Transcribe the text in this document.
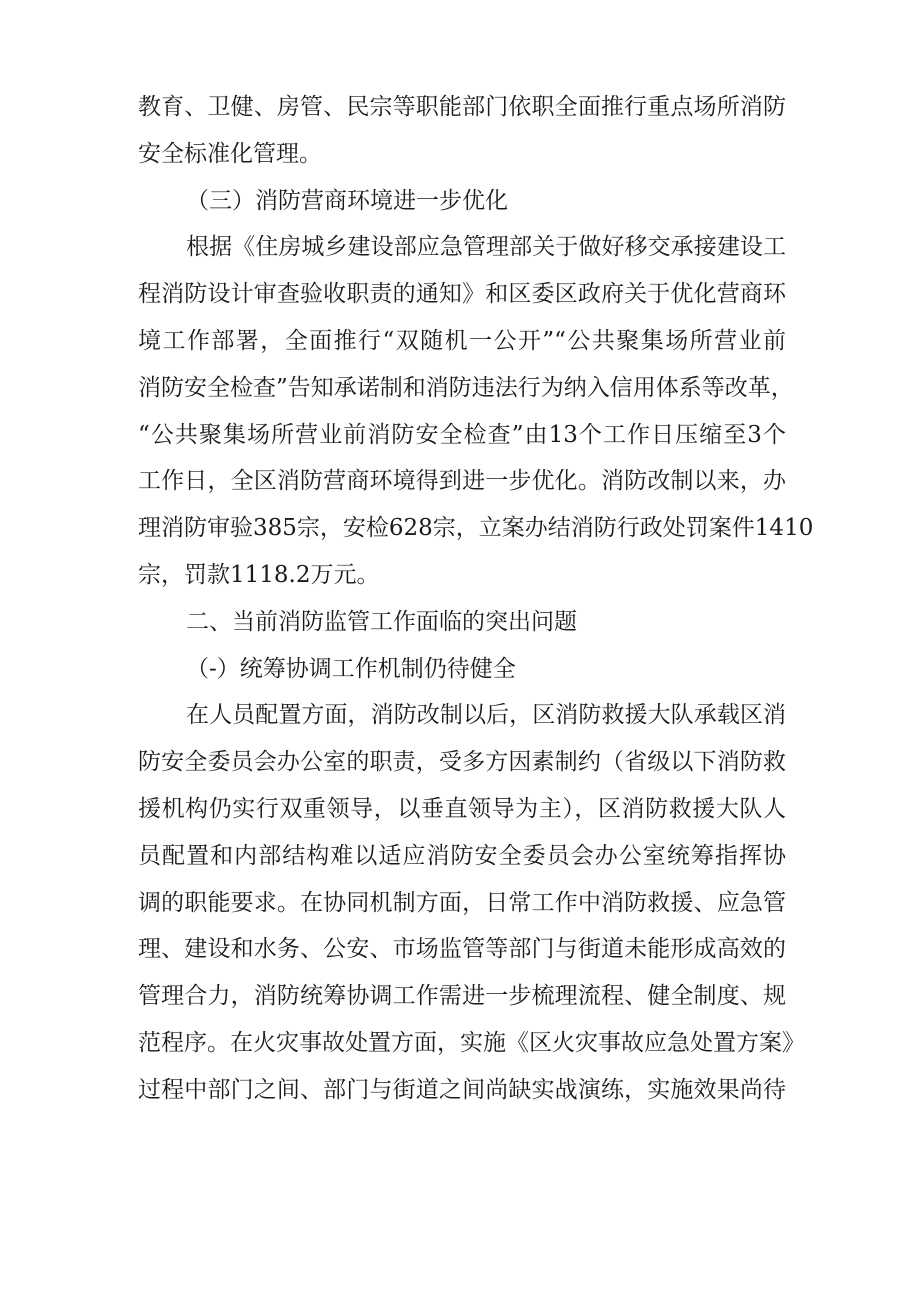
教育、卫健、房管、民宗等职能部门依职全面推行重点场所消防
安全标准化管理。
（三）消防营商环境进一步优化
根据《住房城乡建设部应急管理部关于做好移交承接建设工
程消防设计审查验收职责的通知》和区委区政府关于优化营商环
境工作部署，全面推行“双随机一公开”“公共聚集场所营业前
消防安全检查”告知承诺制和消防违法行为纳入信用体系等改革，
“公共聚集场所营业前消防安全检查”由13个工作日压缩至3个
工作日，全区消防营商环境得到进一步优化。消防改制以来，办
理消防审验385宗，安检628宗，立案办结消防行政处罚案件1410
宗，罚款1118.2万元。
二、当前消防监管工作面临的突出问题
（-）统筹协调工作机制仍待健全
在人员配置方面，消防改制以后，区消防救援大队承载区消
防安全委员会办公室的职责，受多方因素制约（省级以下消防救
援机构仍实行双重领导，以垂直领导为主），区消防救援大队人
员配置和内部结构难以适应消防安全委员会办公室统筹指挥协
调的职能要求。在协同机制方面，日常工作中消防救援、应急管
理、建设和水务、公安、市场监管等部门与街道未能形成高效的
管理合力，消防统筹协调工作需进一步梳理流程、健全制度、规
范程序。在火灾事故处置方面，实施《区火灾事故应急处置方案》
过程中部门之间、部门与街道之间尚缺实战演练，实施效果尚待
